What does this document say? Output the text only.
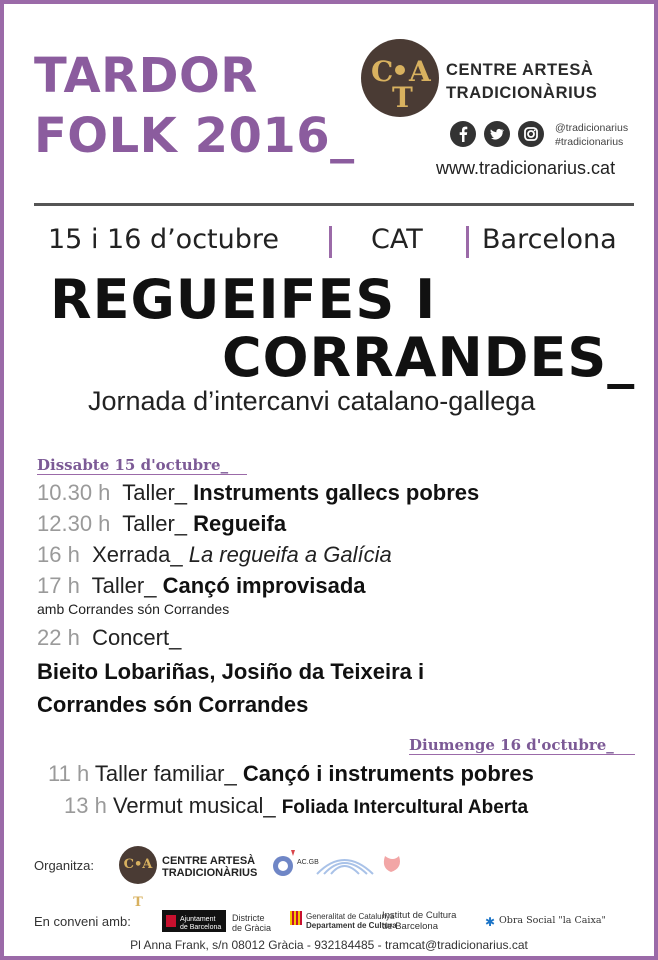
TARDOR
FOLK 2016_
C A
T
CENTRE ARTESÀ
TRADICIONÀRIUS
@tradicionarius
#tradicionarius
www.tradicionarius.cat
15 i 16 d’octubre	CAT Barcelona
REGUEIFES I
CORRANDES_
Jornada d’intercanvi catalano-gallega
Dissabte 15 d'octubre_
10.30 h Taller_ Instruments gallecs pobres
12.30 h Taller_ Regueifa
16 h Xerrada_ La regueifa a Galícia
17 h Taller_ Cançó improvisada
amb Corrandes són Corrandes
22 h Concert_
Bieito Lobariñas, Josiño da Teixeira i
Corrandes són Corrandes
Diumenge 16 d'octubre_
11 h Taller familiar_ Cançó i instruments pobres
13 h Vermut musical_ Foliada Intercultural Aberta
Organitza:	C•A T
CENTRE ARTESÀ
TRADICIONÀRIUS
AC.GB
En conveni amb:	Ajuntament de Barcelona
Districte de Gràcia
Generalitat de Catalunya
Departament de Cultura
Institut de Cultura
de Barcelona	✱ Obra Social "la Caixa"
Pl Anna Frank, s/n 08012 Gràcia - 932184485 - tramcat@tradicionarius.cat
